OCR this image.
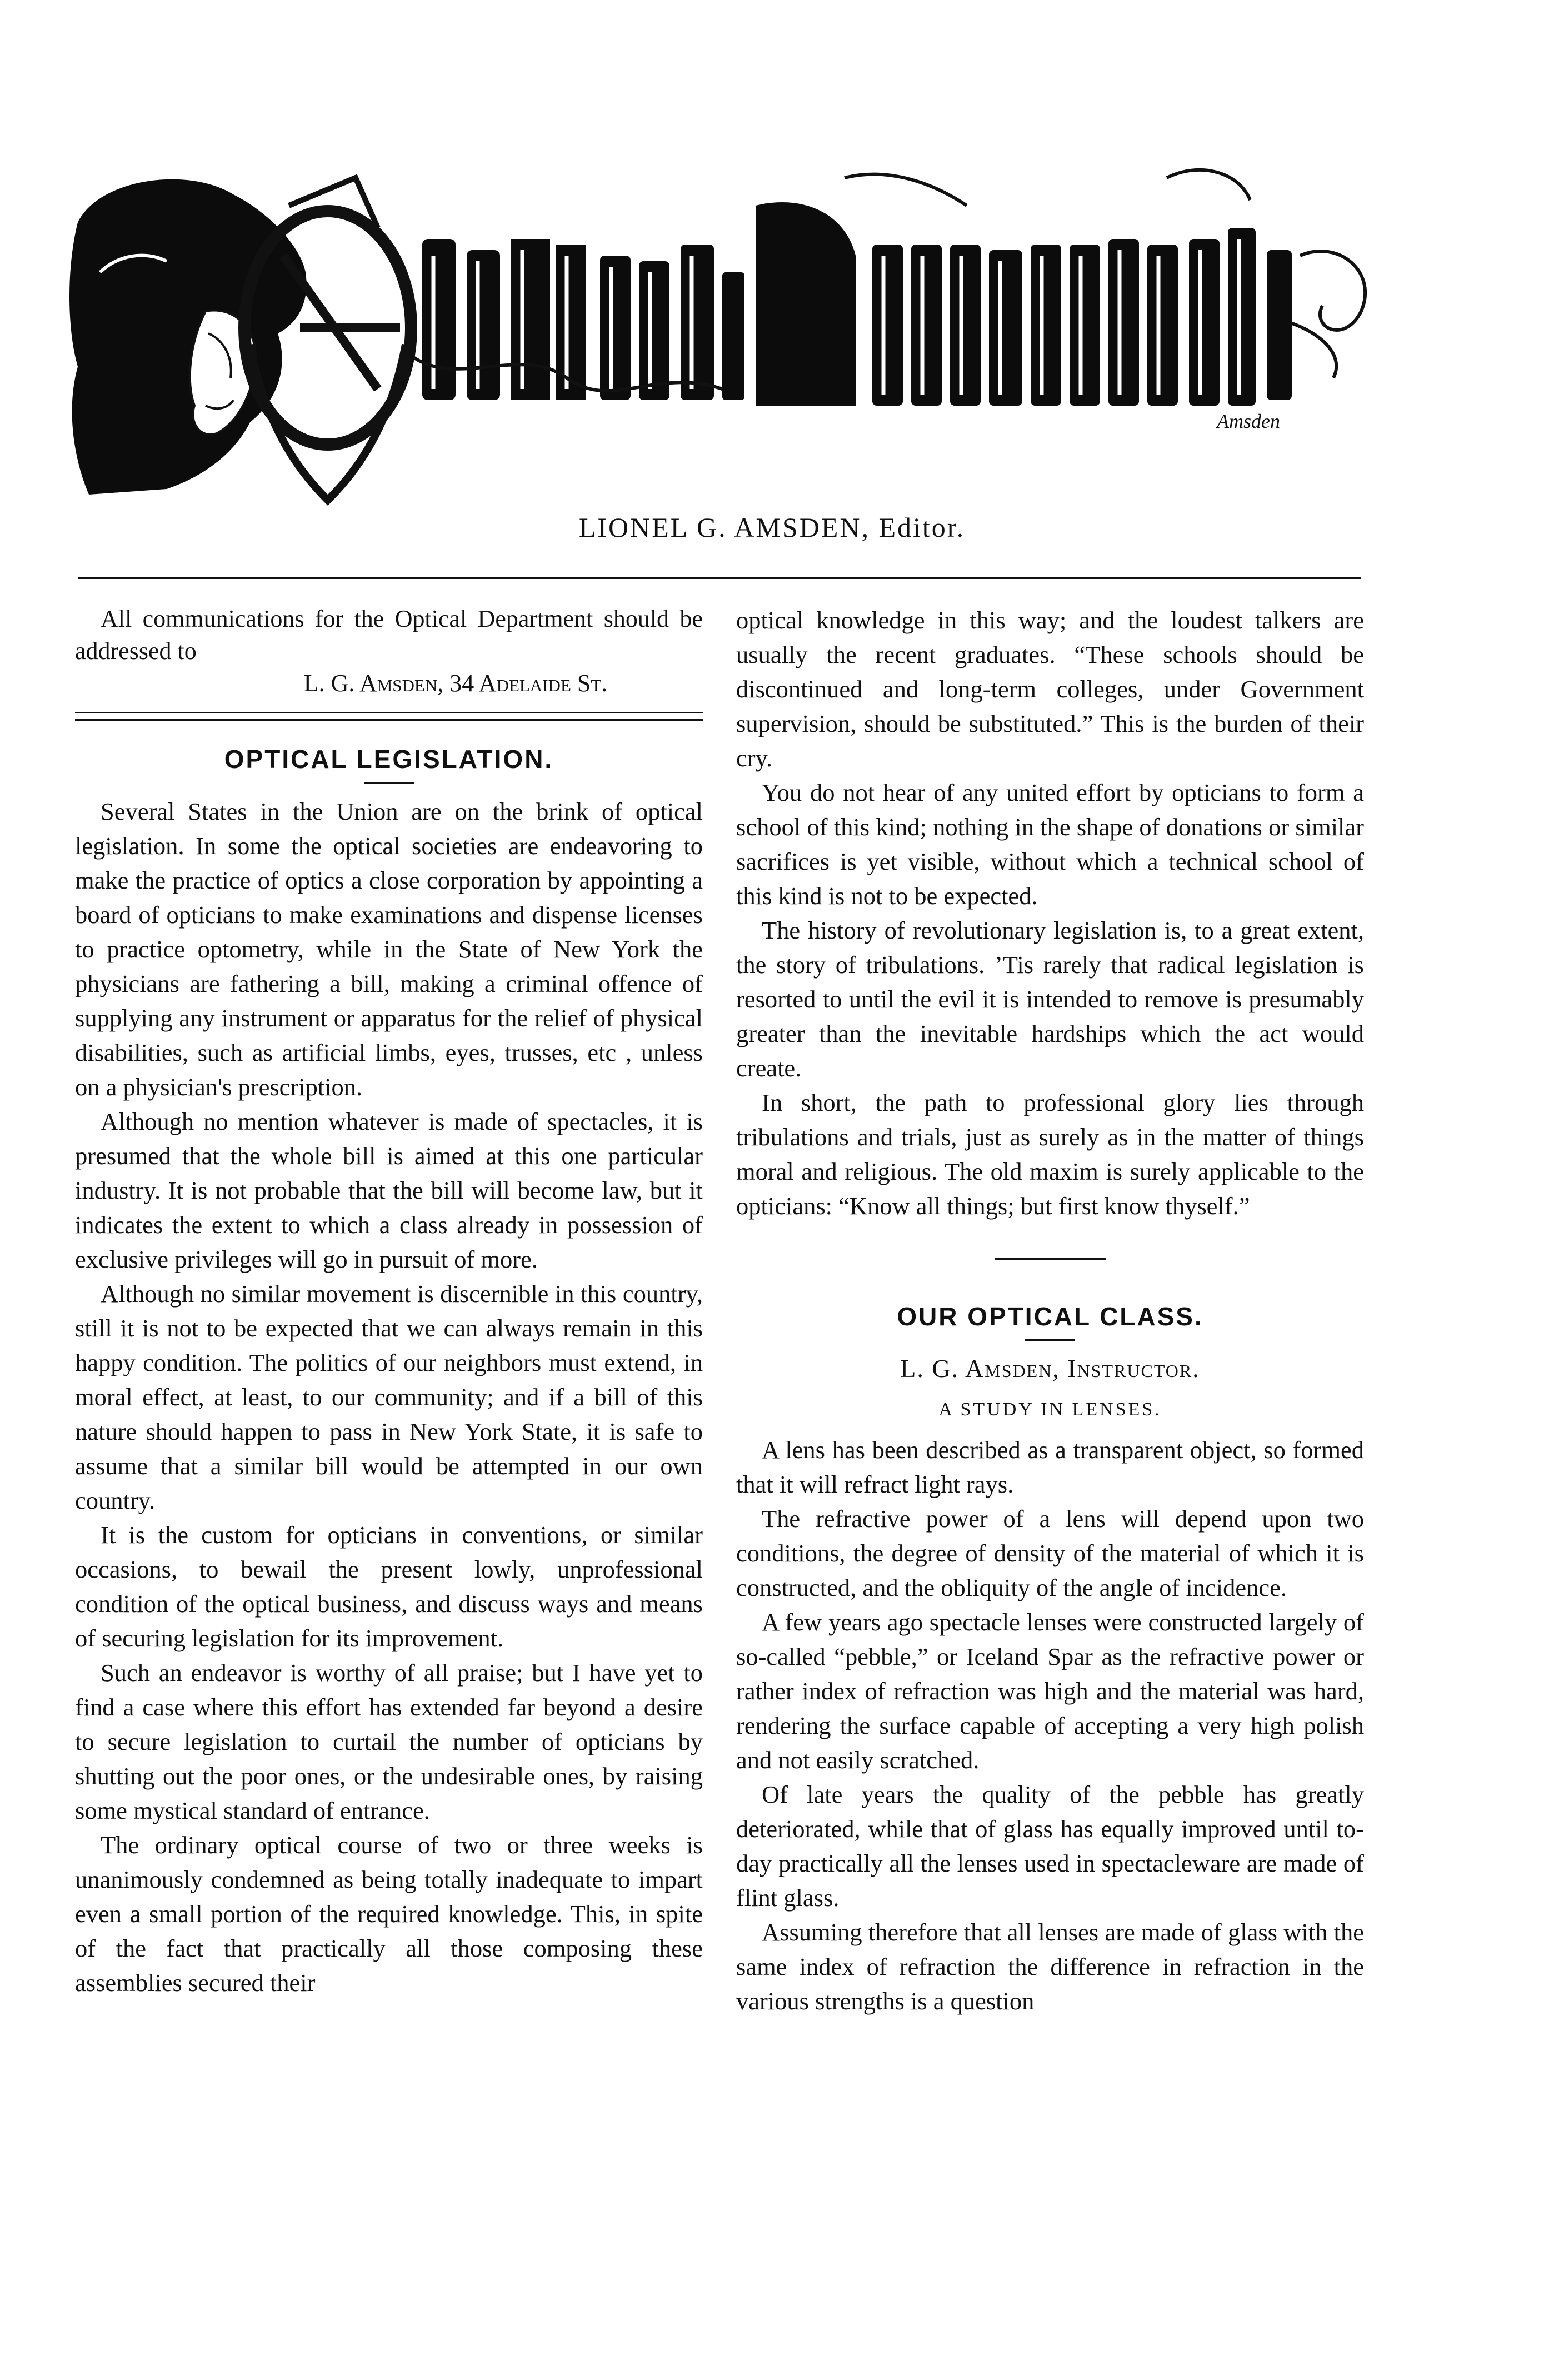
Amsden
Optical Department
LIONEL G. AMSDEN, Editor.

All communications for the Optical Department should be addressed to

L. G. Amsden, 34 Adelaide St.
OPTICAL LEGISLATION.

Several States in the Union are on the brink of optical legislation. In some the optical societies are endeavoring to make the practice of optics a close corporation by appointing a board of opticians to make examinations and dispense licenses to practice optometry, while in the State of New York the physicians are fathering a bill, making a criminal offence of supplying any instrument or apparatus for the relief of physical disabilities, such as artificial limbs, eyes, trusses, etc , unless on a physician's prescription.

Although no mention whatever is made of spectacles, it is presumed that the whole bill is aimed at this one particular industry. It is not probable that the bill will become law, but it indicates the extent to which a class already in possession of exclusive privileges will go in pursuit of more.

Although no similar movement is discernible in this country, still it is not to be expected that we can always remain in this happy condition. The politics of our neighbors must extend, in moral effect, at least, to our community; and if a bill of this nature should happen to pass in New York State, it is safe to assume that a similar bill would be attempted in our own country.

It is the custom for opticians in conventions, or similar occasions, to bewail the present lowly, unprofessional condition of the optical business, and discuss ways and means of securing legislation for its improvement.

Such an endeavor is worthy of all praise; but I have yet to find a case where this effort has extended far beyond a desire to secure legislation to curtail the number of opticians by shutting out the poor ones, or the undesirable ones, by raising some mystical standard of entrance.

The ordinary optical course of two or three weeks is unanimously condemned as being totally inadequate to impart even a small portion of the required knowledge. This, in spite of the fact that practically all those composing these assemblies secured their

optical knowledge in this way; and the loudest talkers are usually the recent graduates. “These schools should be discontinued and long-term colleges, under Government supervision, should be substituted.” This is the burden of their cry.

You do not hear of any united effort by opticians to form a school of this kind; nothing in the shape of donations or similar sacrifices is yet visible, without which a technical school of this kind is not to be expected.

The history of revolutionary legislation is, to a great extent, the story of tribulations. ’Tis rarely that radical legislation is resorted to until the evil it is intended to remove is presumably greater than the inevitable hardships which the act would create.

In short, the path to professional glory lies through tribulations and trials, just as surely as in the matter of things moral and religious. The old maxim is surely applicable to the opticians: “Know all things; but first know thyself.”

OUR OPTICAL CLASS.
L. G. Amsden, Instructor.
A STUDY IN LENSES.

A lens has been described as a transparent object, so formed that it will refract light rays.

The refractive power of a lens will depend upon two conditions, the degree of density of the material of which it is constructed, and the obliquity of the angle of incidence.

A few years ago spectacle lenses were constructed largely of so-called “pebble,” or Iceland Spar as the refractive power or rather index of refraction was high and the material was hard, rendering the surface capable of accepting a very high polish and not easily scratched.

Of late years the quality of the pebble has greatly deteriorated, while that of glass has equally improved until to-day practically all the lenses used in spectacleware are made of flint glass.

Assuming therefore that all lenses are made of glass with the same index of refraction the difference in refraction in the various strengths is a question
